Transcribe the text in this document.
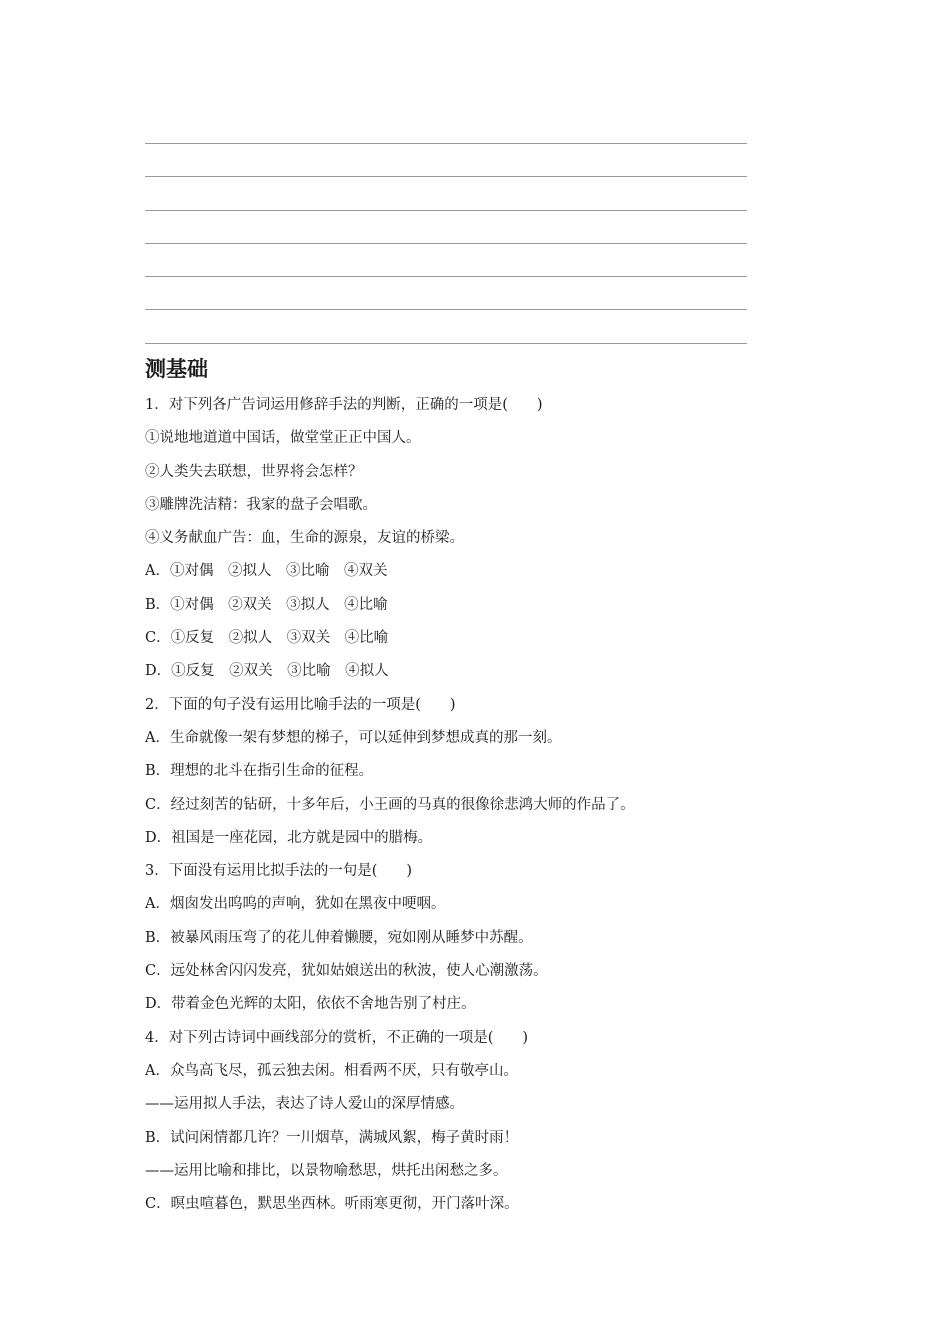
测基础
1．对下列各广告词运用修辞手法的判断，正确的一项是(　　)
①说地地道道中国话，做堂堂正正中国人。
②人类失去联想，世界将会怎样？
③雕牌洗洁精：我家的盘子会唱歌。
④义务献血广告：血，生命的源泉，友谊的桥梁。
A．①对偶　②拟人　③比喻　④双关
B．①对偶　②双关　③拟人　④比喻
C．①反复　②拟人　③双关　④比喻
D．①反复　②双关　③比喻　④拟人
2．下面的句子没有运用比喻手法的一项是(　　)
A．生命就像一架有梦想的梯子，可以延伸到梦想成真的那一刻。
B．理想的北斗在指引生命的征程。
C．经过刻苦的钻研，十多年后，小王画的马真的很像徐悲鸿大师的作品了。
D．祖国是一座花园，北方就是园中的腊梅。
3．下面没有运用比拟手法的一句是(　　)
A．烟囱发出呜呜的声响，犹如在黑夜中哽咽。
B．被暴风雨压弯了的花儿伸着懒腰，宛如刚从睡梦中苏醒。
C．远处林舍闪闪发亮，犹如姑娘送出的秋波，使人心潮激荡。
D．带着金色光辉的太阳，依依不舍地告别了村庄。
4．对下列古诗词中画线部分的赏析，不正确的一项是(　　)
A．众鸟高飞尽，孤云独去闲。相看两不厌，只有敬亭山。
——运用拟人手法，表达了诗人爱山的深厚情感。
B．试问闲情都几许？一川烟草，满城风絮，梅子黄时雨！
——运用比喻和排比，以景物喻愁思，烘托出闲愁之多。
C．暝虫喧暮色，默思坐西林。听雨寒更彻，开门落叶深。
